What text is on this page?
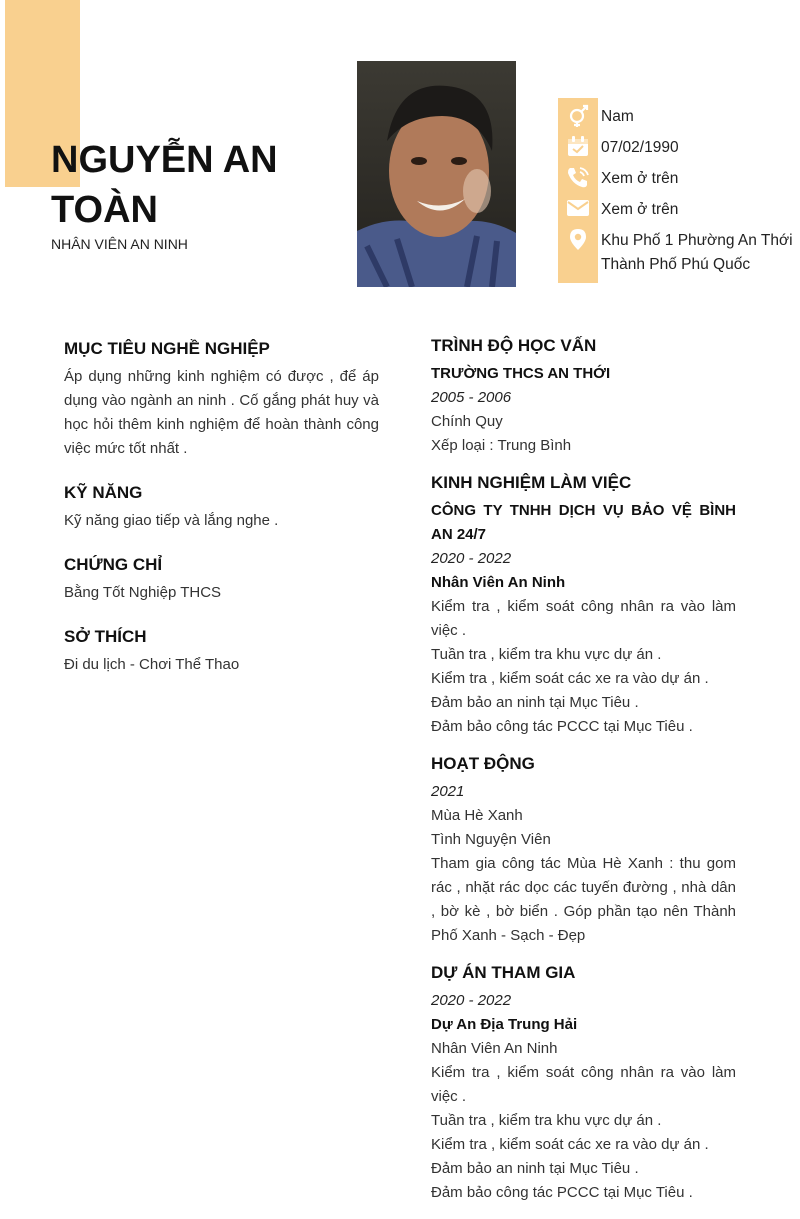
NGUYỄN AN TOÀN
NHÂN VIÊN AN NINH
Nam
07/02/1990
Xem ở trên
Xem ở trên
Khu Phố 1 Phường An Thới Thành Phố Phú Quốc
MỤC TIÊU NGHỀ NGHIỆP

Áp dụng những kinh nghiệm có được , để áp dụng vào ngành an ninh . Cố gắng phát huy và học hỏi thêm kinh nghiệm để hoàn thành công việc mức tốt nhất .

KỸ NĂNG

Kỹ năng giao tiếp và lắng nghe .

CHỨNG CHỈ

Bằng Tốt Nghiệp THCS

SỞ THÍCH

Đi du lịch - Chơi Thể Thao

TRÌNH ĐỘ HỌC VẤN

TRƯỜNG THCS AN THỚI

2005 - 2006

Chính Quy

Xếp loại : Trung Bình

KINH NGHIỆM LÀM VIỆC

CÔNG TY TNHH DỊCH VỤ BẢO VỆ BÌNH AN 24/7

2020 - 2022

Nhân Viên An Ninh

Kiểm tra , kiểm soát công nhân ra vào làm việc .

Tuần tra , kiểm tra khu vực dự án .

Kiểm tra , kiểm soát các xe ra vào dự án .

Đảm bảo an ninh tại Mục Tiêu .

Đảm bảo công tác PCCC tại Mục Tiêu .

HOẠT ĐỘNG

2021

Mùa Hè Xanh

Tình Nguyện Viên

Tham gia công tác Mùa Hè Xanh : thu gom rác , nhặt rác dọc các tuyến đường , nhà dân , bờ kè , bờ biển . Góp phần tạo nên Thành Phố Xanh - Sạch - Đẹp

DỰ ÁN THAM GIA

2020 - 2022

Dự An Địa Trung Hải

Nhân Viên An Ninh

Kiểm tra , kiểm soát công nhân ra vào làm việc .

Tuần tra , kiểm tra khu vực dự án .

Kiểm tra , kiểm soát các xe ra vào dự án .

Đảm bảo an ninh tại Mục Tiêu .

Đảm bảo công tác PCCC tại Mục Tiêu .
